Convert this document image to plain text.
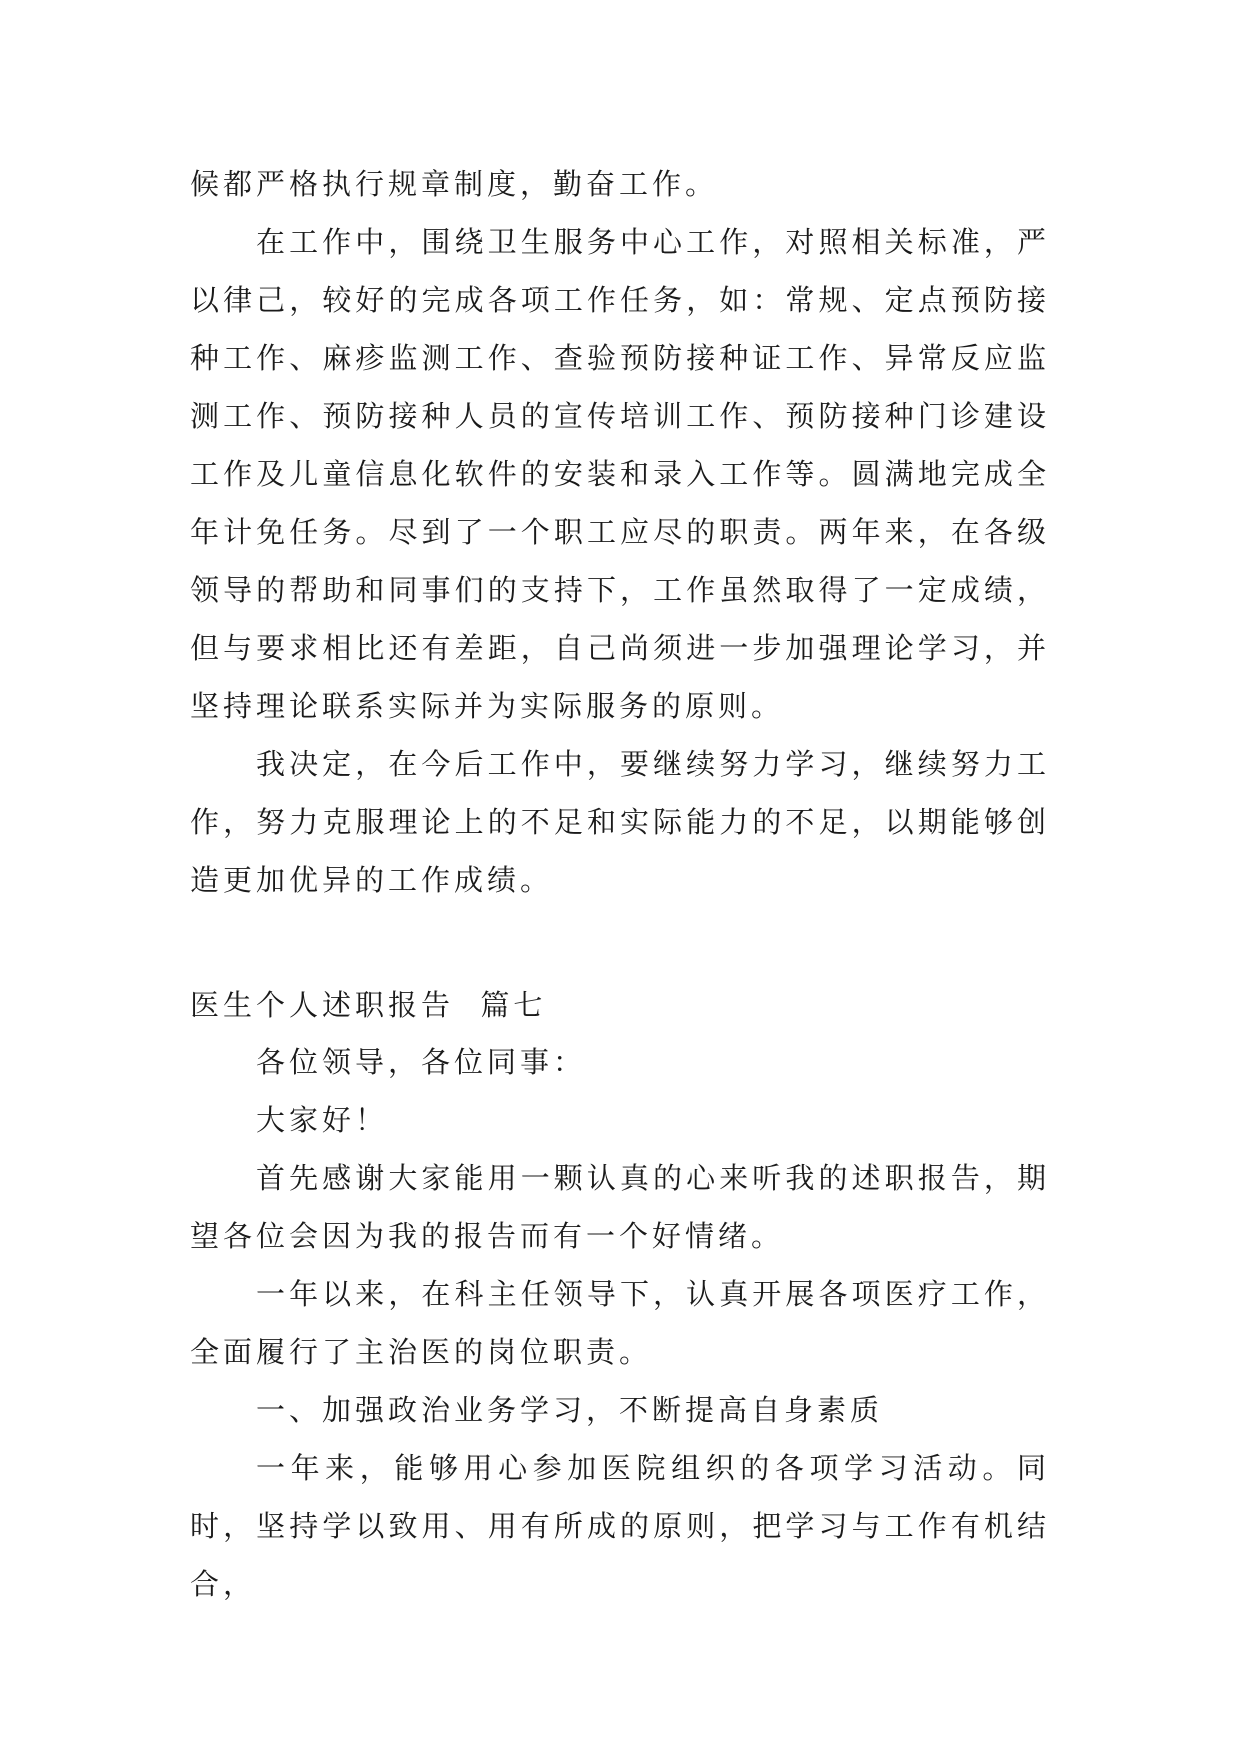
候都严格执行规章制度，勤奋工作。

在工作中，围绕卫生服务中心工作，对照相关标准，严以律己，较好的完成各项工作任务，如：常规、定点预防接种工作、麻疹监测工作、查验预防接种证工作、异常反应监测工作、预防接种人员的宣传培训工作、预防接种门诊建设工作及儿童信息化软件的安装和录入工作等。圆满地完成全年计免任务。尽到了一个职工应尽的职责。两年来，在各级领导的帮助和同事们的支持下，工作虽然取得了一定成绩，但与要求相比还有差距，自己尚须进一步加强理论学习，并坚持理论联系实际并为实际服务的原则。

我决定，在今后工作中，要继续努力学习，继续努力工作，努力克服理论上的不足和实际能力的不足，以期能够创造更加优异的工作成绩。

医生个人述职报告  篇七

各位领导，各位同事：

大家好！

首先感谢大家能用一颗认真的心来听我的述职报告，期望各位会因为我的报告而有一个好情绪。

一年以来，在科主任领导下，认真开展各项医疗工作，全面履行了主治医的岗位职责。

一、加强政治业务学习，不断提高自身素质

一年来，能够用心参加医院组织的各项学习活动。同时，坚持学以致用、用有所成的原则，把学习与工作有机结合，
